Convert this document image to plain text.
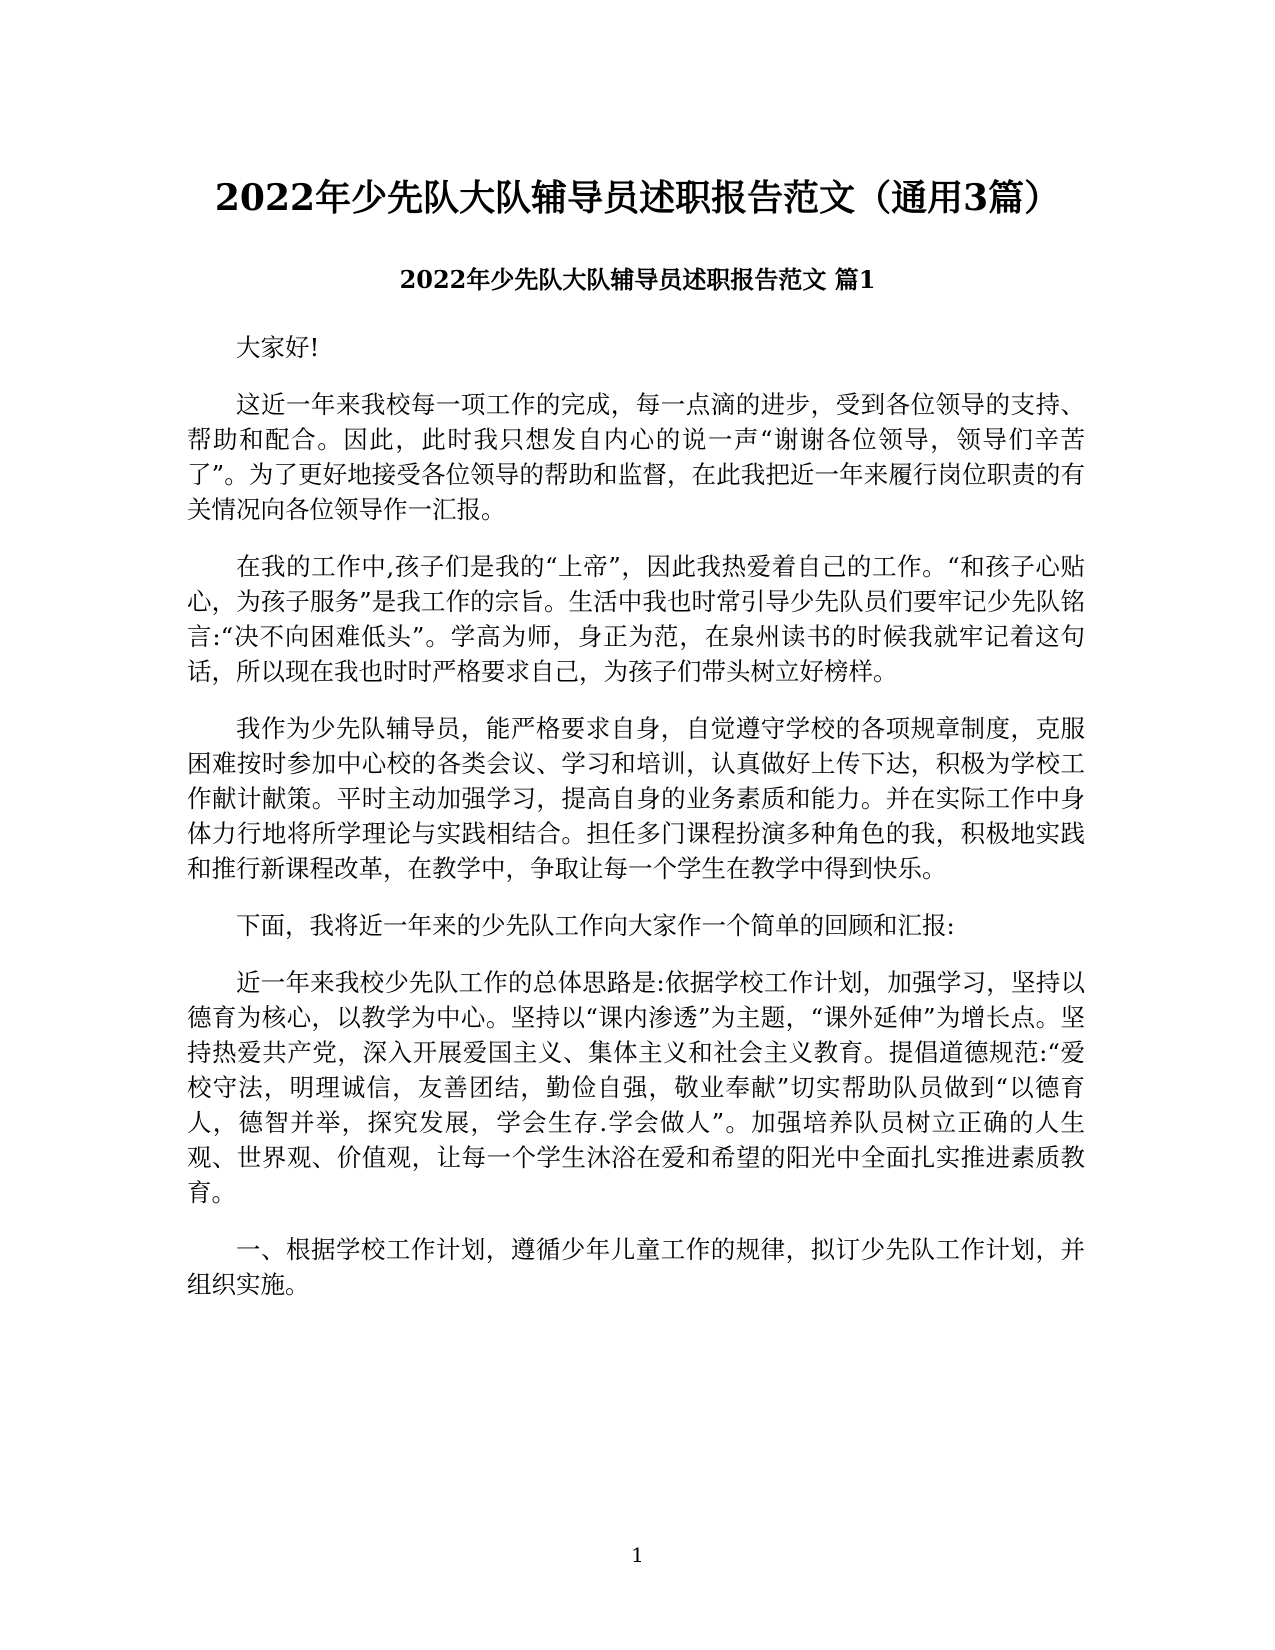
2022年少先队大队辅导员述职报告范文（通用3篇）
2022年少先队大队辅导员述职报告范文 篇1

大家好!

这近一年来我校每一项工作的完成，每一点滴的进步，受到各位领导的支持、帮助和配合。因此，此时我只想发自内心的说一声“谢谢各位领导，领导们辛苦了”。为了更好地接受各位领导的帮助和监督，在此我把近一年来履行岗位职责的有关情况向各位领导作一汇报。

在我的工作中,孩子们是我的“上帝”，因此我热爱着自己的工作。“和孩子心贴心，为孩子服务”是我工作的宗旨。生活中我也时常引导少先队员们要牢记少先队铭言:“决不向困难低头”。学高为师，身正为范，在泉州读书的时候我就牢记着这句话，所以现在我也时时严格要求自己，为孩子们带头树立好榜样。

我作为少先队辅导员，能严格要求自身，自觉遵守学校的各项规章制度，克服困难按时参加中心校的各类会议、学习和培训，认真做好上传下达，积极为学校工作献计献策。平时主动加强学习，提高自身的业务素质和能力。并在实际工作中身体力行地将所学理论与实践相结合。担任多门课程扮演多种角色的我，积极地实践和推行新课程改革，在教学中，争取让每一个学生在教学中得到快乐。

下面，我将近一年来的少先队工作向大家作一个简单的回顾和汇报:

近一年来我校少先队工作的总体思路是:依据学校工作计划，加强学习，坚持以德育为核心，以教学为中心。坚持以“课内渗透”为主题，“课外延伸”为增长点。坚持热爱共产党，深入开展爱国主义、集体主义和社会主义教育。提倡道德规范:“爱校守法，明理诚信，友善团结，勤俭自强，敬业奉献”切实帮助队员做到“以德育人，德智并举，探究发展，学会生存.学会做人”。加强培养队员树立正确的人生观、世界观、价值观，让每一个学生沐浴在爱和希望的阳光中全面扎实推进素质教育。

一、根据学校工作计划，遵循少年儿童工作的规律，拟订少先队工作计划，并组织实施。

1
